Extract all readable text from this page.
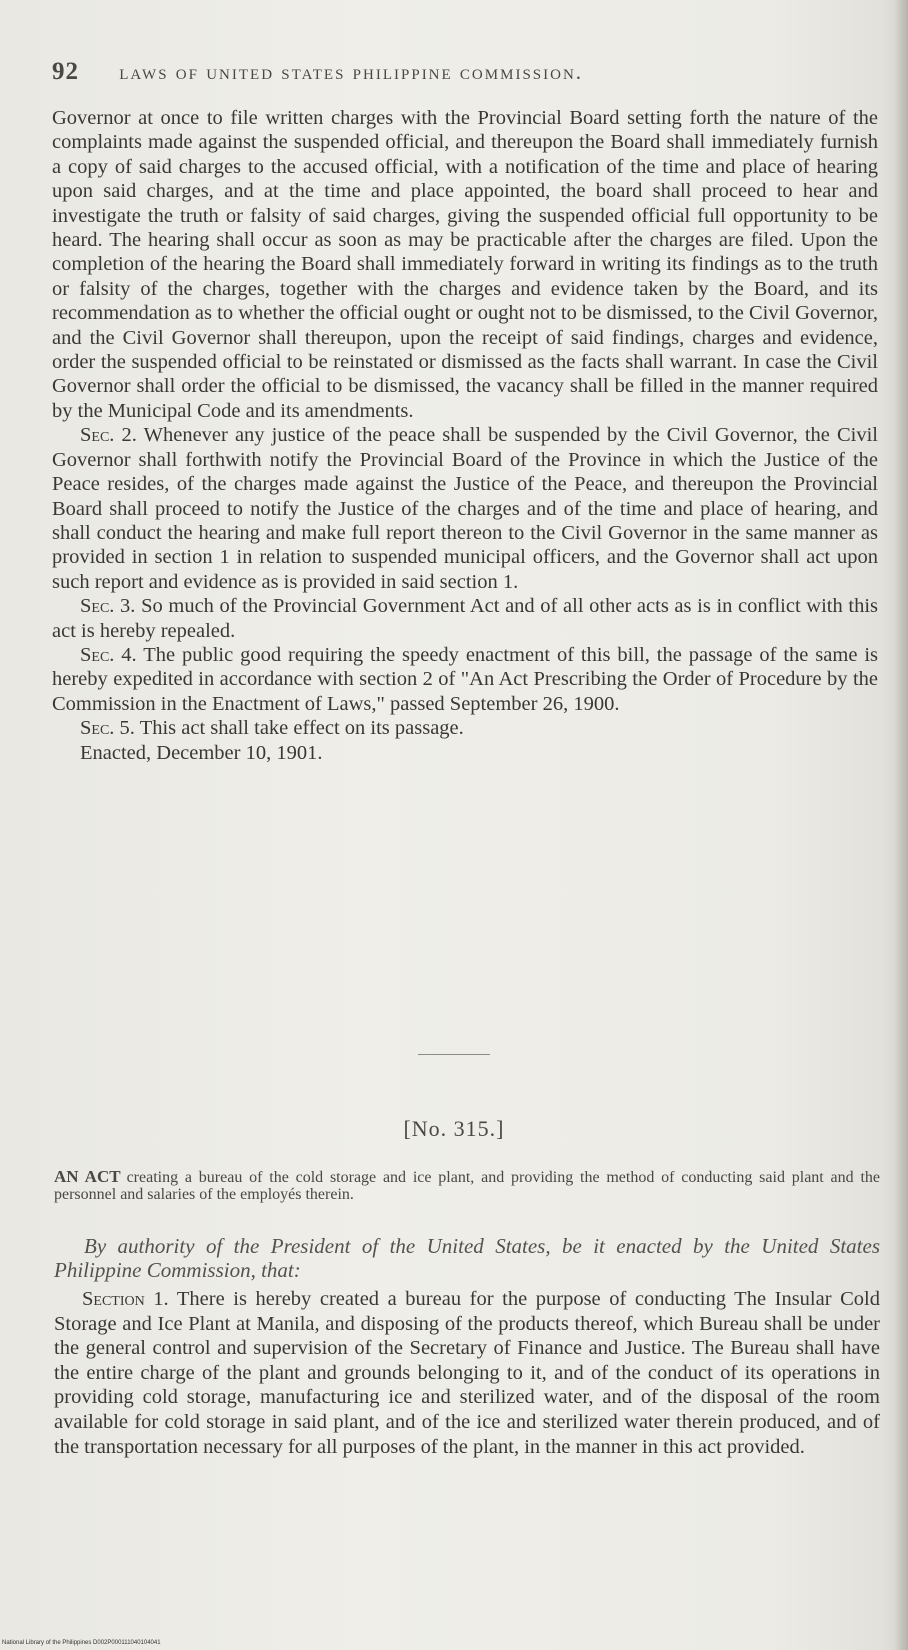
92 laws of united states philippine commission.

Governor at once to file written charges with the Provincial Board setting forth the nature of the complaints made against the suspended official, and thereupon the Board shall immediately furnish a copy of said charges to the accused official, with a notification of the time and place of hearing upon said charges, and at the time and place appointed, the board shall proceed to hear and investigate the truth or falsity of said charges, giving the suspended official full opportunity to be heard. The hearing shall occur as soon as may be practicable after the charges are filed. Upon the completion of the hearing the Board shall immediately forward in writing its findings as to the truth or falsity of the charges, together with the charges and evidence taken by the Board, and its recommendation as to whether the official ought or ought not to be dismissed, to the Civil Governor, and the Civil Governor shall thereupon, upon the receipt of said findings, charges and evidence, order the suspended official to be reinstated or dismissed as the facts shall warrant. In case the Civil Governor shall order the official to be dismissed, the vacancy shall be filled in the manner required by the Municipal Code and its amendments.

Sec. 2. Whenever any justice of the peace shall be suspended by the Civil Governor, the Civil Governor shall forthwith notify the Provincial Board of the Province in which the Justice of the Peace resides, of the charges made against the Justice of the Peace, and thereupon the Provincial Board shall proceed to notify the Justice of the charges and of the time and place of hearing, and shall conduct the hearing and make full report thereon to the Civil Governor in the same manner as provided in section 1 in relation to suspended municipal officers, and the Governor shall act upon such report and evidence as is provided in said section 1.

Sec. 3. So much of the Provincial Government Act and of all other acts as is in conflict with this act is hereby repealed.

Sec. 4. The public good requiring the speedy enactment of this bill, the passage of the same is hereby expedited in accordance with section 2 of "An Act Prescribing the Order of Procedure by the Commission in the Enactment of Laws," passed September 26, 1900.

Sec. 5. This act shall take effect on its passage.

Enacted, December 10, 1901.

[No. 315.]
AN ACT creating a bureau of the cold storage and ice plant, and providing the method of conducting said plant and the personnel and salaries of the employés therein.
By authority of the President of the United States, be it enacted by the United States Philippine Commission, that:

Section 1. There is hereby created a bureau for the purpose of conducting The Insular Cold Storage and Ice Plant at Manila, and disposing of the products thereof, which Bureau shall be under the general control and supervision of the Secretary of Finance and Justice. The Bureau shall have the entire charge of the plant and grounds belonging to it, and of the conduct of its operations in providing cold storage, manufacturing ice and sterilized water, and of the disposal of the room available for cold storage in said plant, and of the ice and sterilized water therein produced, and of the transportation necessary for all purposes of the plant, in the manner in this act provided.

National Library of the Philippines D002P000111040104041
